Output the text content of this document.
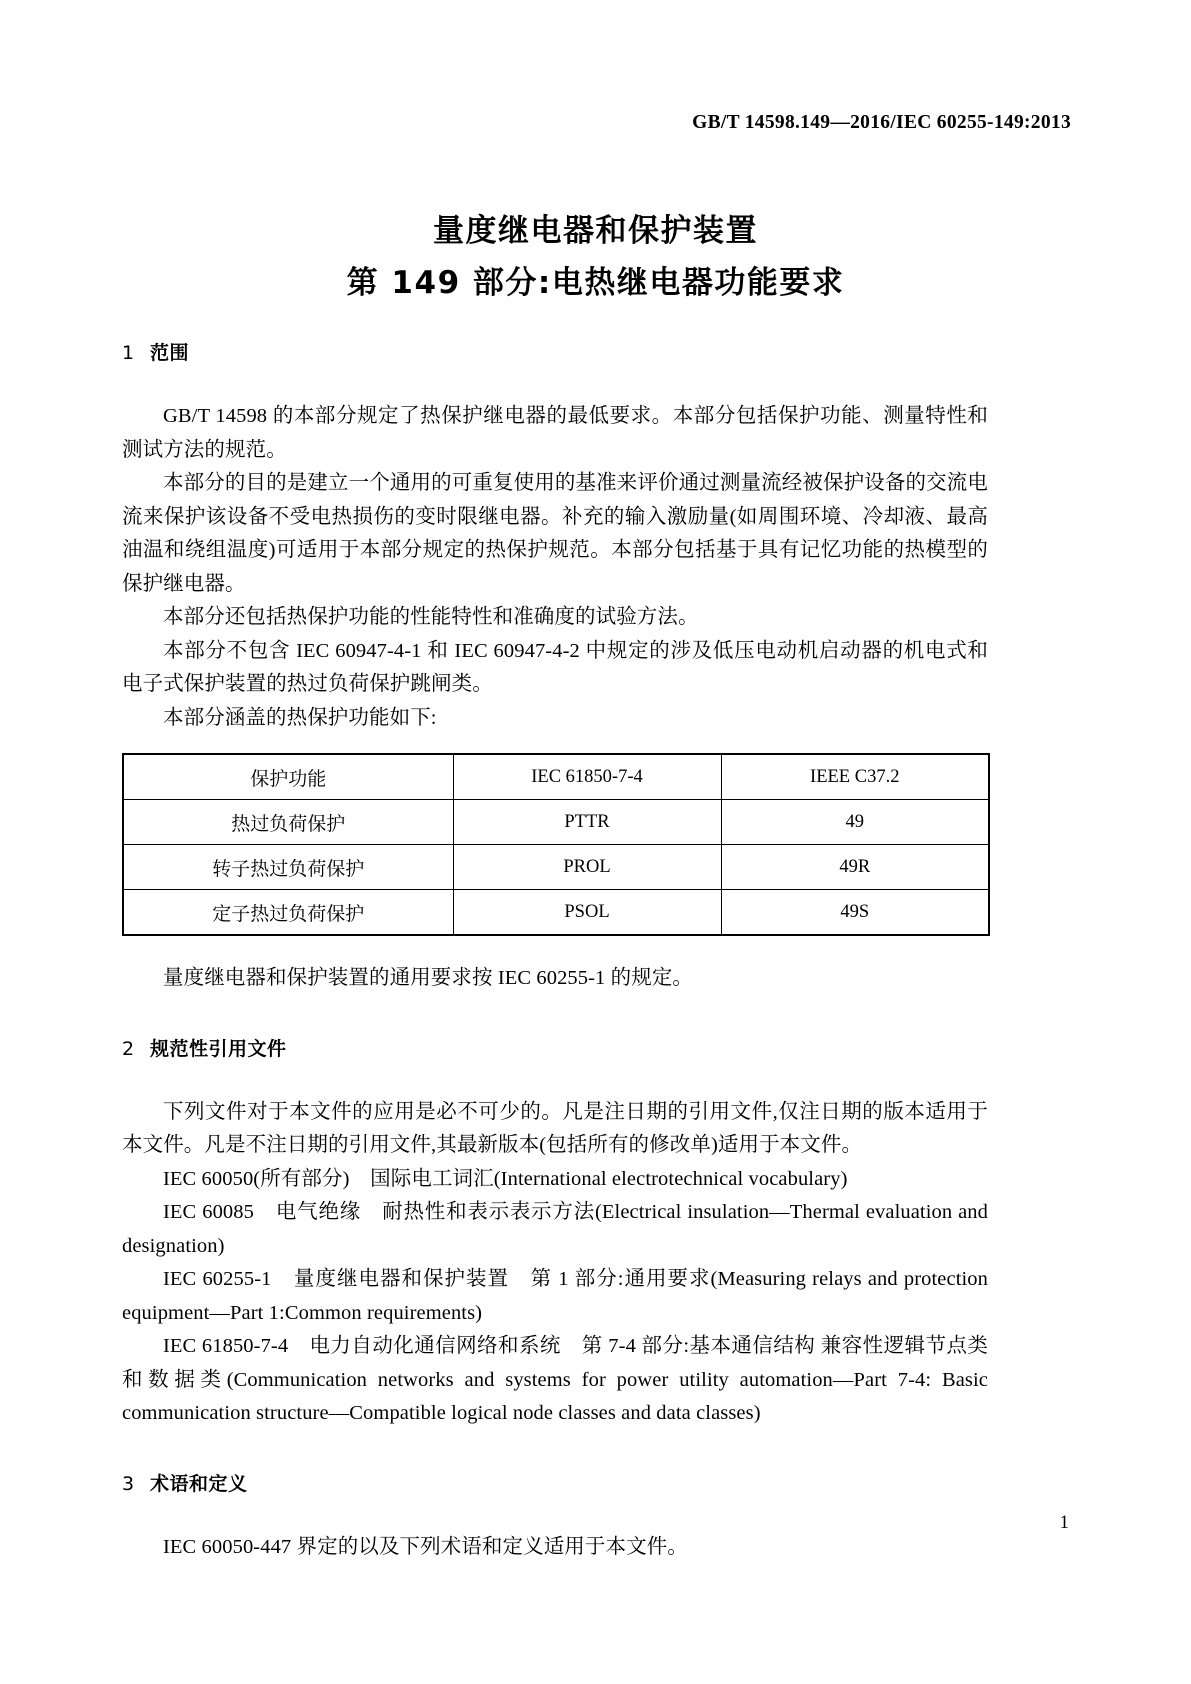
GB/T 14598.149—2016/IEC 60255-149:2013
量度继电器和保护装置
第 149 部分:电热继电器功能要求
1 范围

GB/T 14598 的本部分规定了热保护继电器的最低要求。本部分包括保护功能、测量特性和测试方法的规范。

本部分的目的是建立一个通用的可重复使用的基准来评价通过测量流经被保护设备的交流电流来保护该设备不受电热损伤的变时限继电器。补充的输入激励量(如周围环境、冷却液、最高油温和绕组温度)可适用于本部分规定的热保护规范。本部分包括基于具有记忆功能的热模型的保护继电器。

本部分还包括热保护功能的性能特性和准确度的试验方法。

本部分不包含 IEC 60947-4-1 和 IEC 60947-4-2 中规定的涉及低压电动机启动器的机电式和电子式保护装置的热过负荷保护跳闸类。

本部分涵盖的热保护功能如下:

保护功能	IEC 61850-7-4	IEEE C37.2
热过负荷保护	PTTR	49
转子热过负荷保护	PROL	49R
定子热过负荷保护	PSOL	49S

量度继电器和保护装置的通用要求按 IEC 60255-1 的规定。

2 规范性引用文件

下列文件对于本文件的应用是必不可少的。凡是注日期的引用文件,仅注日期的版本适用于本文件。凡是不注日期的引用文件,其最新版本(包括所有的修改单)适用于本文件。

IEC 60050(所有部分)　国际电工词汇(International electrotechnical vocabulary)

IEC 60085　电气绝缘　耐热性和表示表示方法(Electrical insulation—Thermal evaluation and designation)

IEC 60255-1　量度继电器和保护装置　第 1 部分:通用要求(Measuring relays and protection equipment—Part 1:Common requirements)

IEC 61850-7-4　电力自动化通信网络和系统　第 7-4 部分:基本通信结构 兼容性逻辑节点类和数据类(Communication networks and systems for power utility automation—Part 7-4: Basic communication structure—Compatible logical node classes and data classes)

3 术语和定义

IEC 60050-447 界定的以及下列术语和定义适用于本文件。

1
